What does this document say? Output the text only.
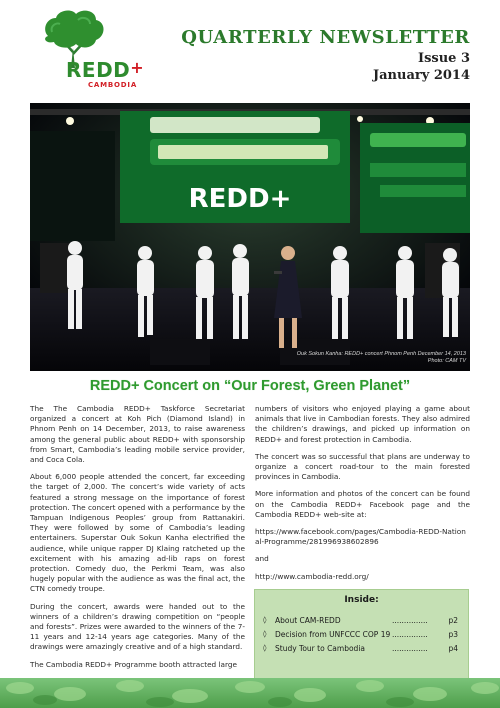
REDD+
CAMBODIA
QUARTERLY NEWSLETTER
Issue 3
January 2014
REDD+
Ouk Sokun Kanha: REDD+ concert Phnom Penh December 14, 2013
Photo: CAM TV
REDD+ Concert on “Our Forest, Green Planet”

The The Cambodia REDD+ Taskforce Secretariat organized a concert at Koh Pich (Diamond Island) in Phnom Penh on 14 December, 2013, to raise awareness among the general public about REDD+ with sponsorship from Smart, Cambodia’s leading mobile service provider, and Coca Cola.

About 6,000 people attended the concert, far exceeding the target of 2,000. The concert’s wide variety of acts featured a strong message on the importance of forest protection. The concert opened with a performance by the Tampuan Indigenous Peoples’ group from Rattanakiri. They were followed by some of Cambodia’s leading entertainers. Superstar Ouk Sokun Kanha electrified the audience, while unique rapper DJ Klaing ratcheted up the excitement with his amazing ad-lib raps on forest protection. Comedy duo, the Perkmi Team, was also hugely popular with the audience as was the final act, the CTN comedy troupe.

During the concert, awards were handed out to the winners of a children’s drawing competition on “people and forests”. Prizes were awarded to the winners of the 7-11 years and 12-14 years age categories. Many of the drawings were amazingly creative and of a high standard.

The Cambodia REDD+ Programme booth attracted large

numbers of visitors who enjoyed playing a game about animals that live in Cambodian forests. They also admired the children’s drawings, and picked up information on REDD+ and forest protection in Cambodia.

The concert was so successful that plans are underway to organize a concert road-tour to the main forested provinces in Cambodia.

More information and photos of the concert can be found on the Cambodia REDD+ Facebook page and the Cambodia REDD+ web-site at:

https://www.facebook.com/pages/Cambodia-REDD-National-Programme/281996938602896

and

http://www.cambodia-redd.org/

Inside:
◊	About CAM-REDD	...............	p2
◊	Decision from UNFCCC COP 19 ...............	p3
◊	Study Tour to Cambodia	...............	p4
